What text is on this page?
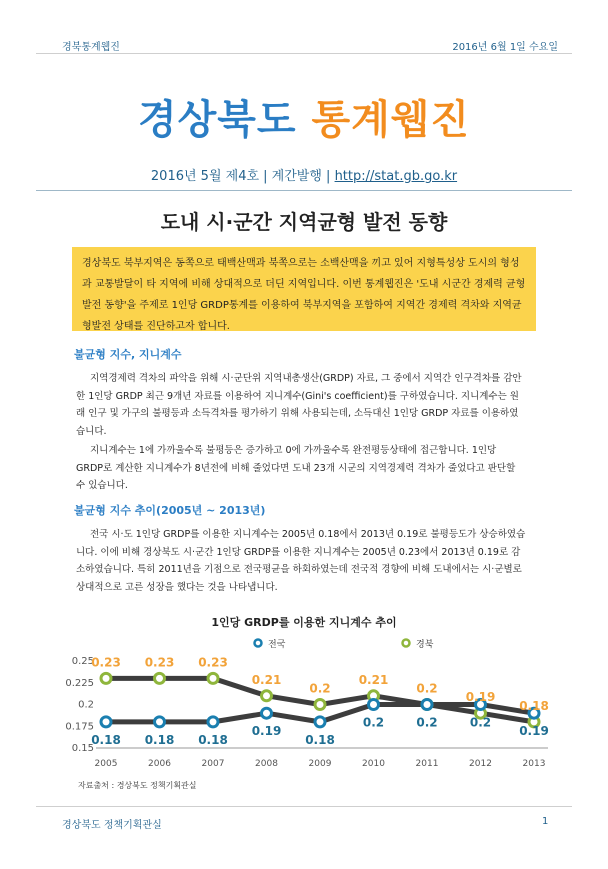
경북통계웹진	2016년 6월 1일 수요일
경상북도 통계웹진
2016년 5월 제4호 | 계간발행 | http://stat.gb.go.kr
도내 시·군간 지역균형 발전 동향
경상북도 북부지역은 동쪽으로 태백산맥과 북쪽으로는 소백산맥을 끼고 있어 지형특성상 도시의 형성과 교통발달이 타 지역에 비해 상대적으로 더딘 지역입니다. 이번 통계웹진은 '도내 시군간 경제력 균형발전 동향'을 주제로 1인당 GRDP통계를 이용하여 북부지역을 포함하여 지역간 경제력 격차와 지역균형발전 상태를 진단하고자 합니다.
불균형 지수, 지니계수
지역경제력 격차의 파악을 위해 시·군단위 지역내총생산(GRDP) 자료, 그 중에서 지역간 인구격차를 감안한 1인당 GRDP 최근 9개년 자료를 이용하여 지니계수(Gini's coefficient)를 구하였습니다. 지니계수는 원래 인구 및 가구의 불평등과 소득격차를 평가하기 위해 사용되는데, 소득대신 1인당 GRDP 자료를 이용하였습니다.
지니계수는 1에 가까울수록 불평등은 증가하고 0에 가까울수록 완전평등상태에 접근합니다. 1인당 GRDP로 계산한 지니계수가 8년전에 비해 줄었다면 도내 23개 시군의 지역경제력 격차가 줄었다고 판단할 수 있습니다.
불균형 지수 추이(2005년 ~ 2013년)
전국 시·도 1인당 GRDP를 이용한 지니계수는 2005년 0.18에서 2013년 0.19로 불평등도가 상승하였습니다. 이에 비해 경상북도 시·군간 1인당 GRDP를 이용한 지니계수는 2005년 0.23에서 2013년 0.19로 감소하였습니다. 특히 2011년을 기점으로 전국평균을 하회하였는데 전국적 경향에 비해 도내에서는 시·군별로 상대적으로 고른 성장을 했다는 것을 나타냅니다.
1인당 GRDP를 이용한 지니계수 추이
전국	경북
0.25
0.225
0.2
0.175
0.15
2005	2006	2007	2008	2009	2010	2011	2012	2013
0.18 0.18 0.18
0.19
0.18
0.2	0.2	0.2
0.19
0.23 0.23 0.23
0.21
0.2
0.21
0.2
0.19
0.18
자료출처 : 경상북도 정책기획관실
경상북도 정책기획관실	1
